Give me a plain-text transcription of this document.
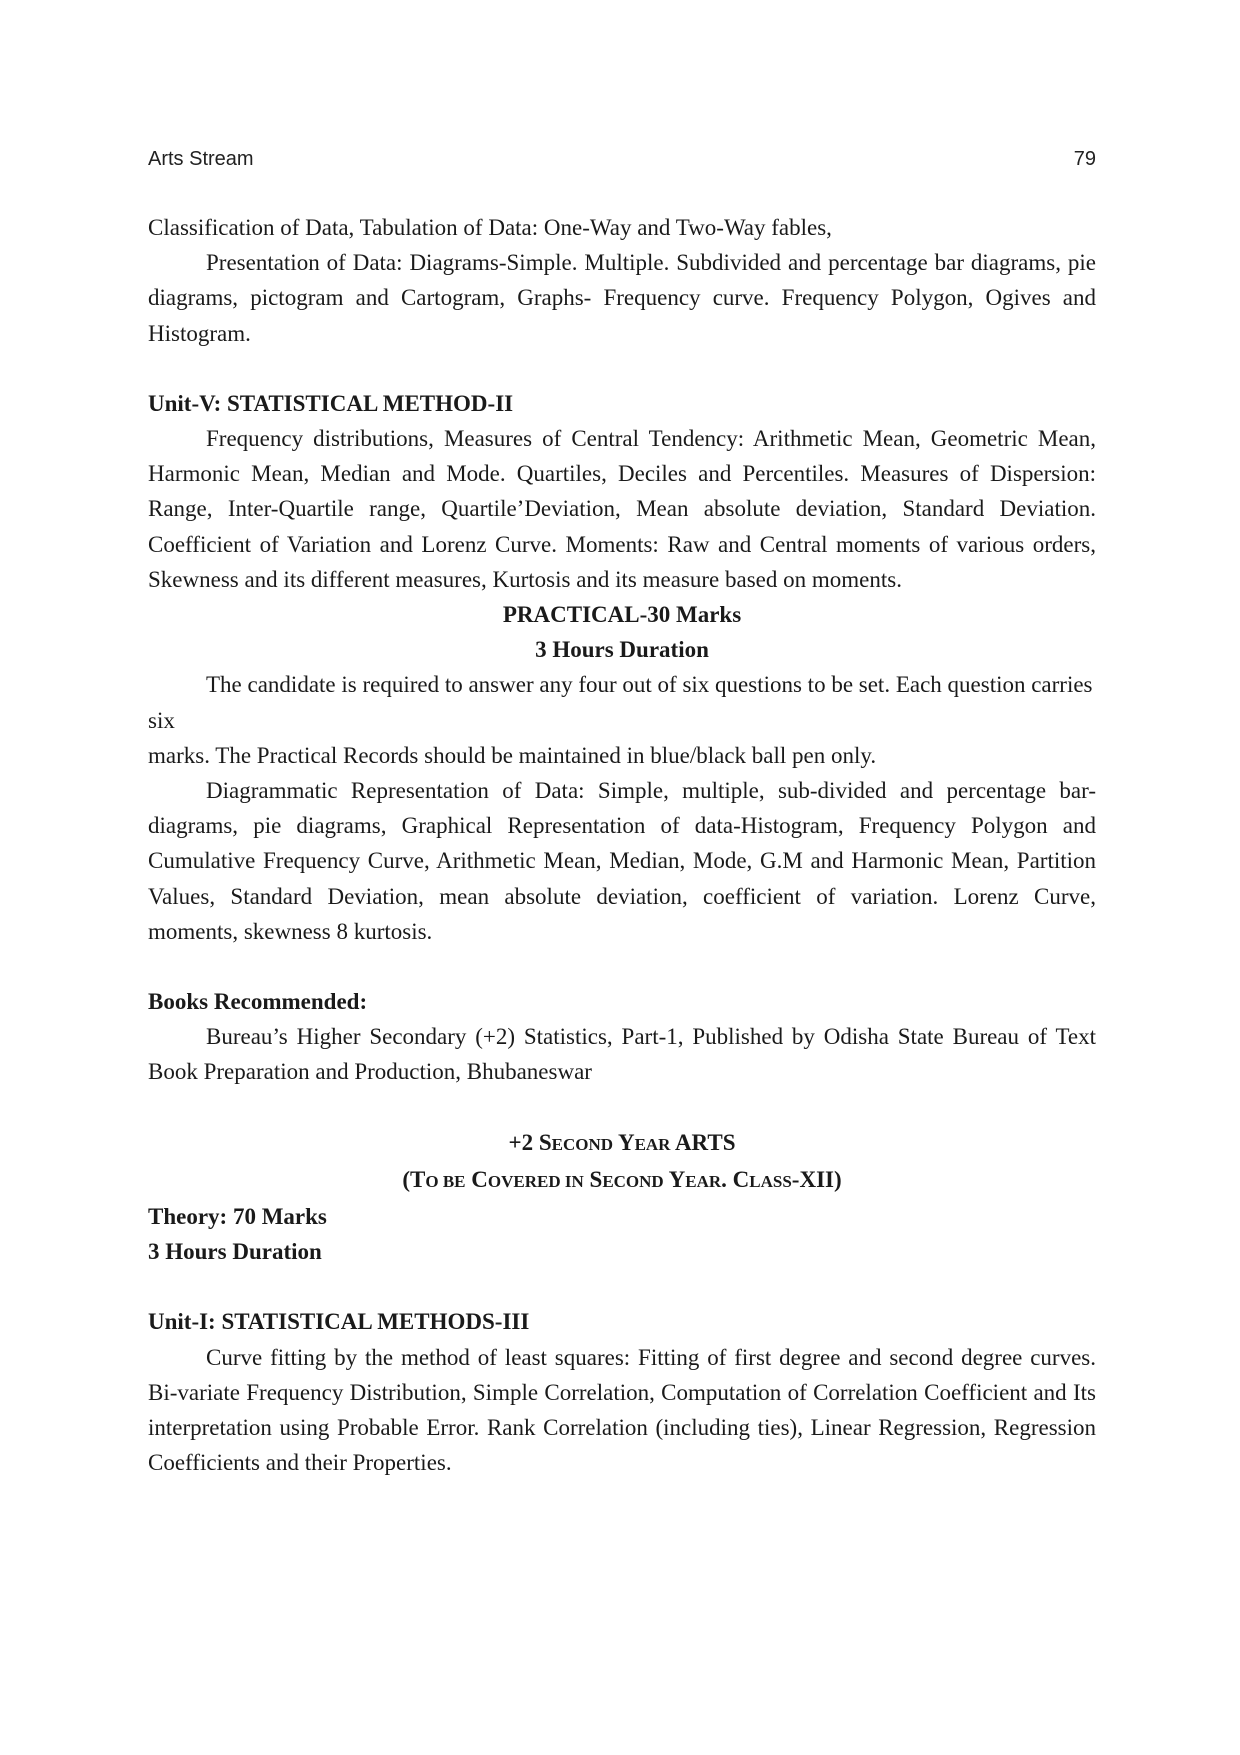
Arts Stream	79

Classification of Data, Tabulation of Data: One-Way and Two-Way fables,

Presentation of Data: Diagrams-Simple. Multiple. Subdivided and percentage bar diagrams, pie diagrams, pictogram and Cartogram, Graphs- Frequency curve. Frequency Polygon, Ogives and Histogram.

Unit-V: STATISTICAL METHOD-II

Frequency distributions, Measures of Central Tendency: Arithmetic Mean, Geometric Mean, Harmonic Mean, Median and Mode. Quartiles, Deciles and Percentiles. Measures of Dispersion: Range, Inter-Quartile range, Quartile’Deviation, Mean absolute deviation, Standard Deviation. Coefficient of Variation and Lorenz Curve. Moments: Raw and Central moments of various orders, Skewness and its different measures, Kurtosis and its measure based on moments.

PRACTICAL-30 Marks

3 Hours Duration

The candidate is required to answer any four out of six questions to be set. Each question carries

six

marks. The Practical Records should be maintained in blue/black ball pen only.

Diagrammatic Representation of Data: Simple, multiple, sub-divided and percentage bar-diagrams, pie diagrams, Graphical Representation of data-Histogram, Frequency Polygon and Cumulative Frequency Curve, Arithmetic Mean, Median, Mode, G.M and Harmonic Mean, Partition Values, Standard Deviation, mean absolute deviation, coefficient of variation. Lorenz Curve, moments, skewness 8 kurtosis.

Books Recommended:

Bureau’s Higher Secondary (+2) Statistics, Part-1, Published by Odisha State Bureau of Text Book Preparation and Production, Bhubaneswar

+2 SECOND YEAR ARTS

(TO BE COVERED IN SECOND YEAR. CLASS-XII)

Theory: 70 Marks

3 Hours Duration

Unit-I: STATISTICAL METHODS-III

Curve fitting by the method of least squares: Fitting of first degree and second degree curves. Bi-variate Frequency Distribution, Simple Correlation, Computation of Correlation Coefficient and Its interpretation using Probable Error. Rank Correlation (including ties), Linear Regression, Regression Coefficients and their Properties.
